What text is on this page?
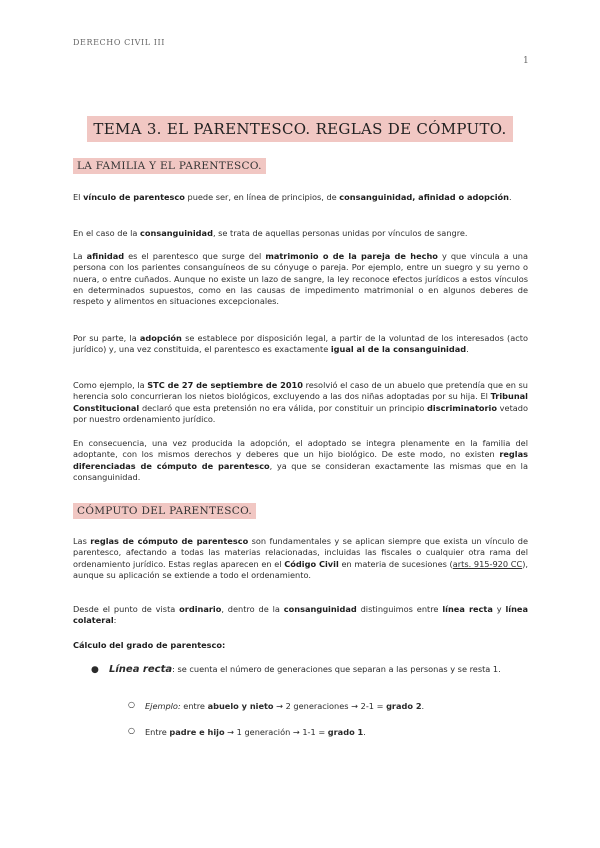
DERECHO CIVIL III
1
TEMA 3. EL PARENTESCO. REGLAS DE CÓMPUTO.
LA FAMILIA Y EL PARENTESCO.

El vínculo de parentesco puede ser, en línea de principios, de consanguinidad, afinidad o adopción.

En el caso de la consanguinidad, se trata de aquellas personas unidas por vínculos de sangre.

La afinidad es el parentesco que surge del matrimonio o de la pareja de hecho y que vincula a una persona con los parientes consanguíneos de su cónyuge o pareja. Por ejemplo, entre un suegro y su yerno o nuera, o entre cuñados. Aunque no existe un lazo de sangre, la ley reconoce efectos jurídicos a estos vínculos en determinados supuestos, como en las causas de impedimento matrimonial o en algunos deberes de respeto y alimentos en situaciones excepcionales.

Por su parte, la adopción se establece por disposición legal, a partir de la voluntad de los interesados (acto jurídico) y, una vez constituida, el parentesco es exactamente igual al de la consanguinidad.

Como ejemplo, la STC de 27 de septiembre de 2010 resolvió el caso de un abuelo que pretendía que en su herencia solo concurrieran los nietos biológicos, excluyendo a las dos niñas adoptadas por su hija. El Tribunal Constitucional declaró que esta pretensión no era válida, por constituir un principio discriminatorio vetado por nuestro ordenamiento jurídico.

En consecuencia, una vez producida la adopción, el adoptado se integra plenamente en la familia del adoptante, con los mismos derechos y deberes que un hijo biológico. De este modo, no existen reglas diferenciadas de cómputo de parentesco, ya que se consideran exactamente las mismas que en la consanguinidad.

CÓMPUTO DEL PARENTESCO.

Las reglas de cómputo de parentesco son fundamentales y se aplican siempre que exista un vínculo de parentesco, afectando a todas las materias relacionadas, incluidas las fiscales o cualquier otra rama del ordenamiento jurídico. Estas reglas aparecen en el Código Civil en materia de sucesiones (arts. 915-920 CC), aunque su aplicación se extiende a todo el ordenamiento.

Desde el punto de vista ordinario, dentro de la consanguinidad distinguimos entre línea recta y línea colateral:

Cálculo del grado de parentesco:

● Línea recta: se cuenta el número de generaciones que separan a las personas y se resta 1.
○ Ejemplo: entre abuelo y nieto → 2 generaciones → 2-1 = grado 2.
○ Entre padre e hijo → 1 generación → 1-1 = grado 1.
